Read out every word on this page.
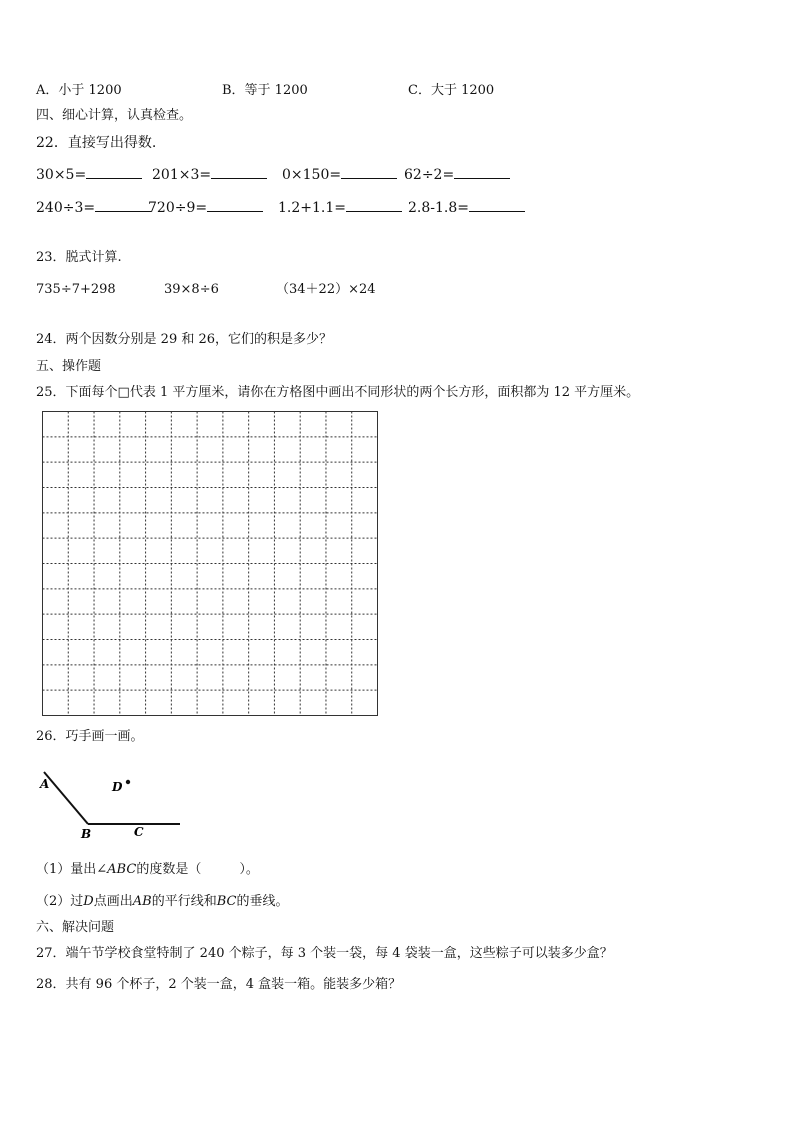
A．小于 1200	B．等于 1200	C．大于 1200
四、细心计算，认真检查。
22．直接写出得数.
30×5=	201×3=	0×150=	62÷2=
240÷3=	720÷9=	1.2+1.1=	2.8-1.8=
23．脱式计算.
735÷7+298	39×8÷6	（34＋22）×24
24．两个因数分别是 29 和 26，它们的积是多少？
五、操作题
25．下面每个□代表 1 平方厘米，请你在方格图中画出不同形状的两个长方形，面积都为 12 平方厘米。
26．巧手画一画。
A	D
B	C
（1）量出∠ABC的度数是（	）。
（2）过D点画出AB的平行线和BC的垂线。
六、解决问题
27．端午节学校食堂特制了 240 个粽子，每 3 个装一袋，每 4 袋装一盒，这些粽子可以装多少盒？
28．共有 96 个杯子，2 个装一盒，4 盒装一箱。能装多少箱？
